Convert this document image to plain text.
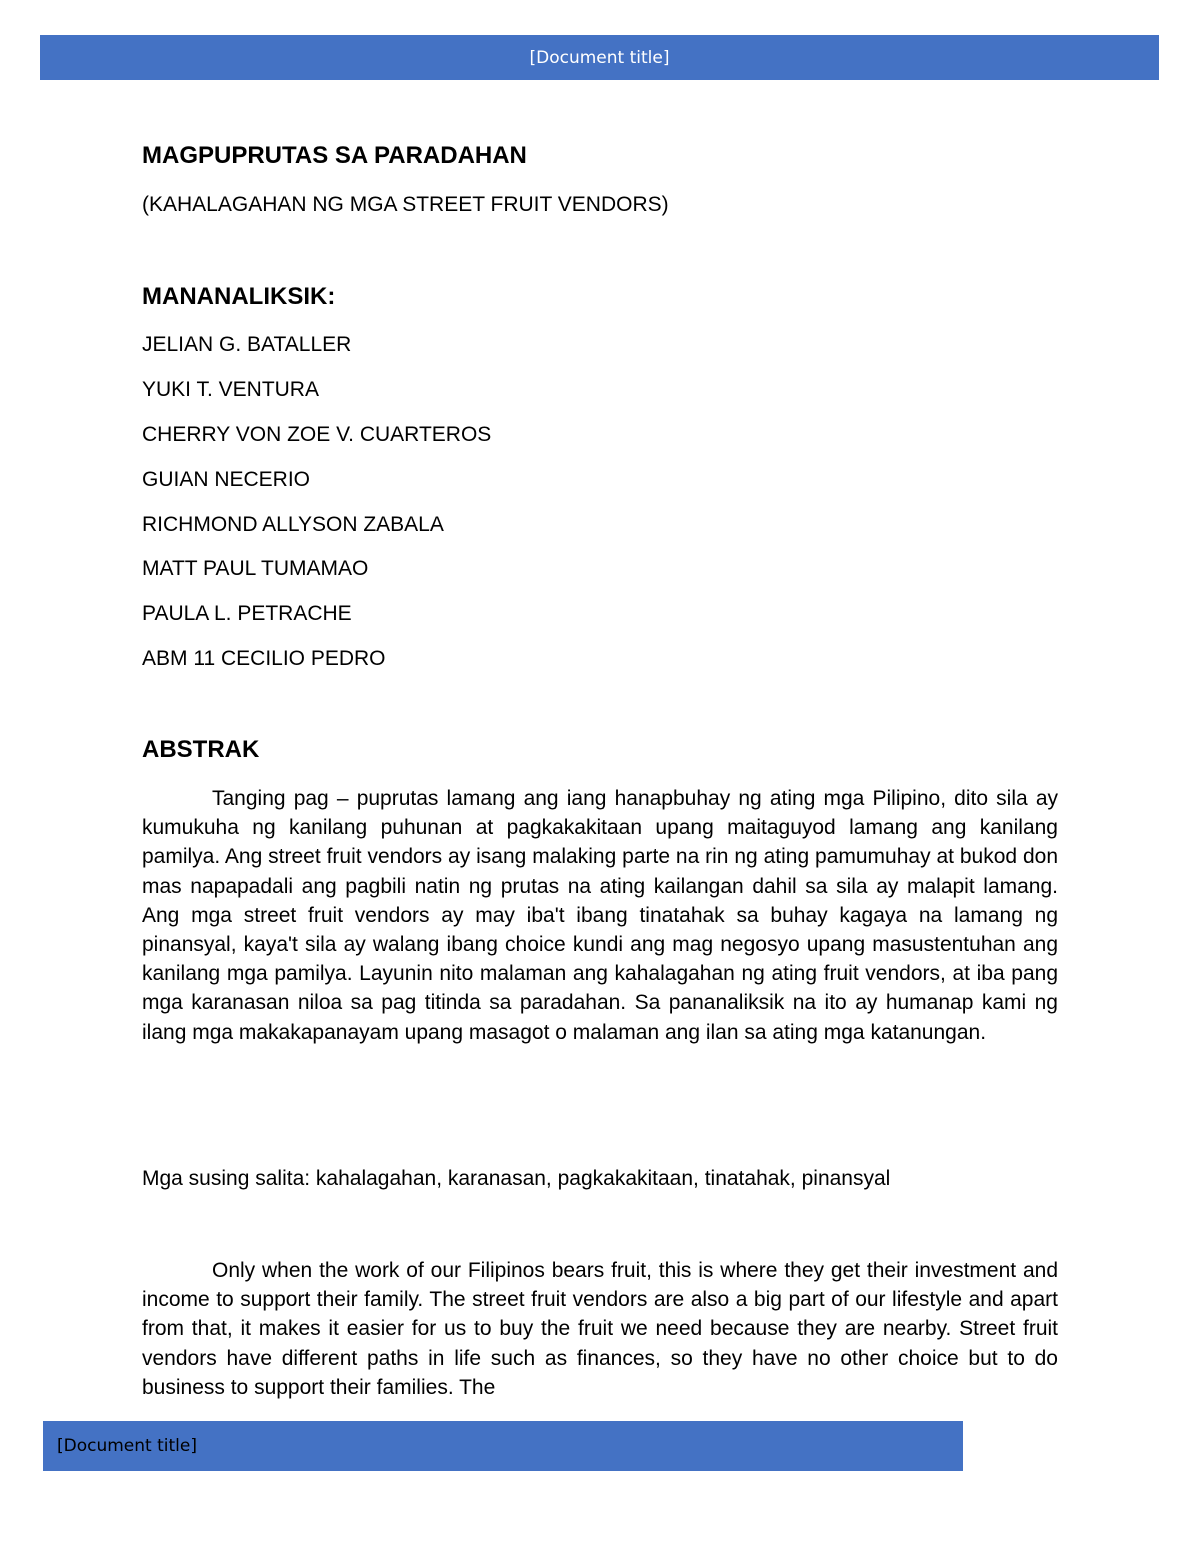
[Document title]
MAGPUPRUTAS SA PARADAHAN
(KAHALAGAHAN NG MGA STREET FRUIT VENDORS)
MANANALIKSIK:
JELIAN G. BATALLER
YUKI T. VENTURA
CHERRY VON ZOE V. CUARTEROS
GUIAN NECERIO
RICHMOND ALLYSON ZABALA
MATT PAUL TUMAMAO
PAULA L. PETRACHE
ABM 11 CECILIO PEDRO
ABSTRAK

Tanging pag – puprutas lamang ang iang hanapbuhay ng ating mga Pilipino, dito sila ay kumukuha ng kanilang puhunan at pagkakakitaan upang maitaguyod lamang ang kanilang pamilya. Ang street fruit vendors ay isang malaking parte na rin ng ating pamumuhay at bukod don mas napapadali ang pagbili natin ng prutas na ating kailangan dahil sa sila ay malapit lamang. Ang mga street fruit vendors ay may iba't ibang tinatahak sa buhay kagaya na lamang ng pinansyal, kaya't sila ay walang ibang choice kundi ang mag negosyo upang masustentuhan ang kanilang mga pamilya. Layunin nito malaman ang kahalagahan ng ating fruit vendors, at iba pang mga karanasan niloa sa pag titinda sa paradahan. Sa pananaliksik na ito ay humanap kami ng ilang mga makakapanayam upang masagot o malaman ang ilan sa ating mga katanungan.

Mga susing salita: kahalagahan, karanasan, pagkakakitaan, tinatahak, pinansyal

Only when the work of our Filipinos bears fruit, this is where they get their investment and income to support their family. The street fruit vendors are also a big part of our lifestyle and apart from that, it makes it easier for us to buy the fruit we need because they are nearby. Street fruit vendors have different paths in life such as finances, so they have no other choice but to do business to support their families. The

[Document title]
